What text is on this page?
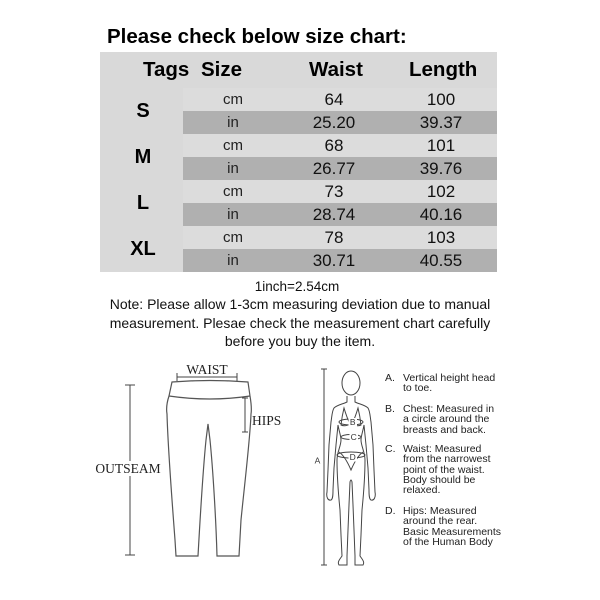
Please check below size chart:
Tags Size	Waist Length
S
cm	64	100
in	25.20	39.37
M
cm	68	101
in	26.77	39.76
L
cm	73	102
in	28.74	40.16
XL
cm	78	103
in	30.71	40.55
1inch=2.54cm
Note: Please allow 1-3cm measuring deviation due to manual
measurement. Plesae check the measurement chart carefully
before you buy the item.
WAIST
HIPS
OUTSEAM
A
B
C
D
A. Vertical height head
to toe.
B. Chest: Measured in
a circle around the
breasts and back.
C. Waist: Measured
from the narrowest
point of the waist.
Body should be
relaxed.
D. Hips: Measured
around the rear.
Basic Measurements
of the Human Body
